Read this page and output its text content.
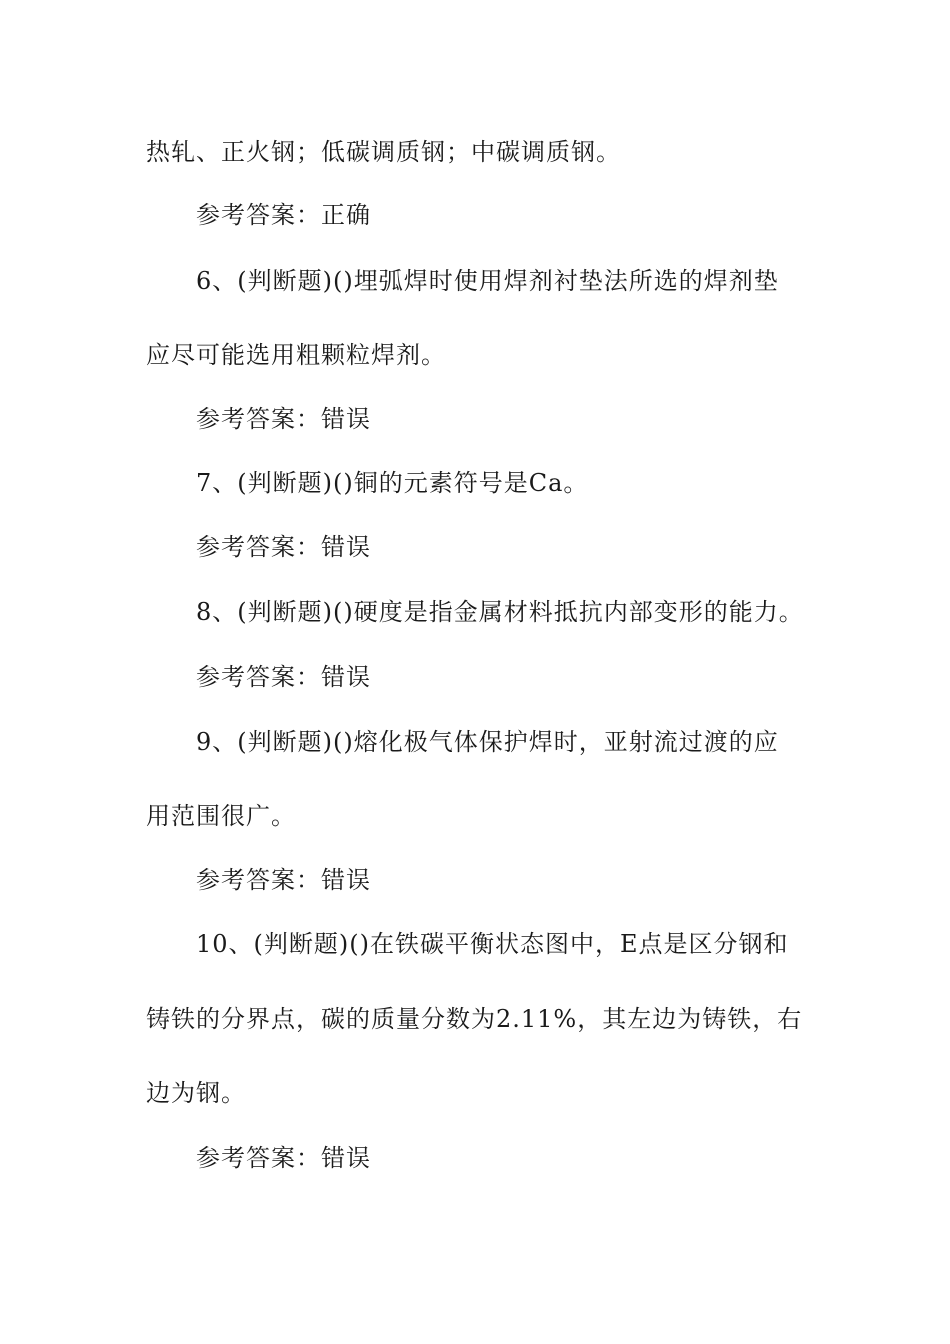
热轧、正火钢；低碳调质钢；中碳调质钢。
参考答案：正确
6、(判断题)()埋弧焊时使用焊剂衬垫法所选的焊剂垫
应尽可能选用粗颗粒焊剂。
参考答案：错误
7、(判断题)()铜的元素符号是Ca。
参考答案：错误
8、(判断题)()硬度是指金属材料抵抗内部变形的能力。
参考答案：错误
9、(判断题)()熔化极气体保护焊时，亚射流过渡的应
用范围很广。
参考答案：错误
10、(判断题)()在铁碳平衡状态图中，E点是区分钢和
铸铁的分界点，碳的质量分数为2.11%，其左边为铸铁，右
边为钢。
参考答案：错误
